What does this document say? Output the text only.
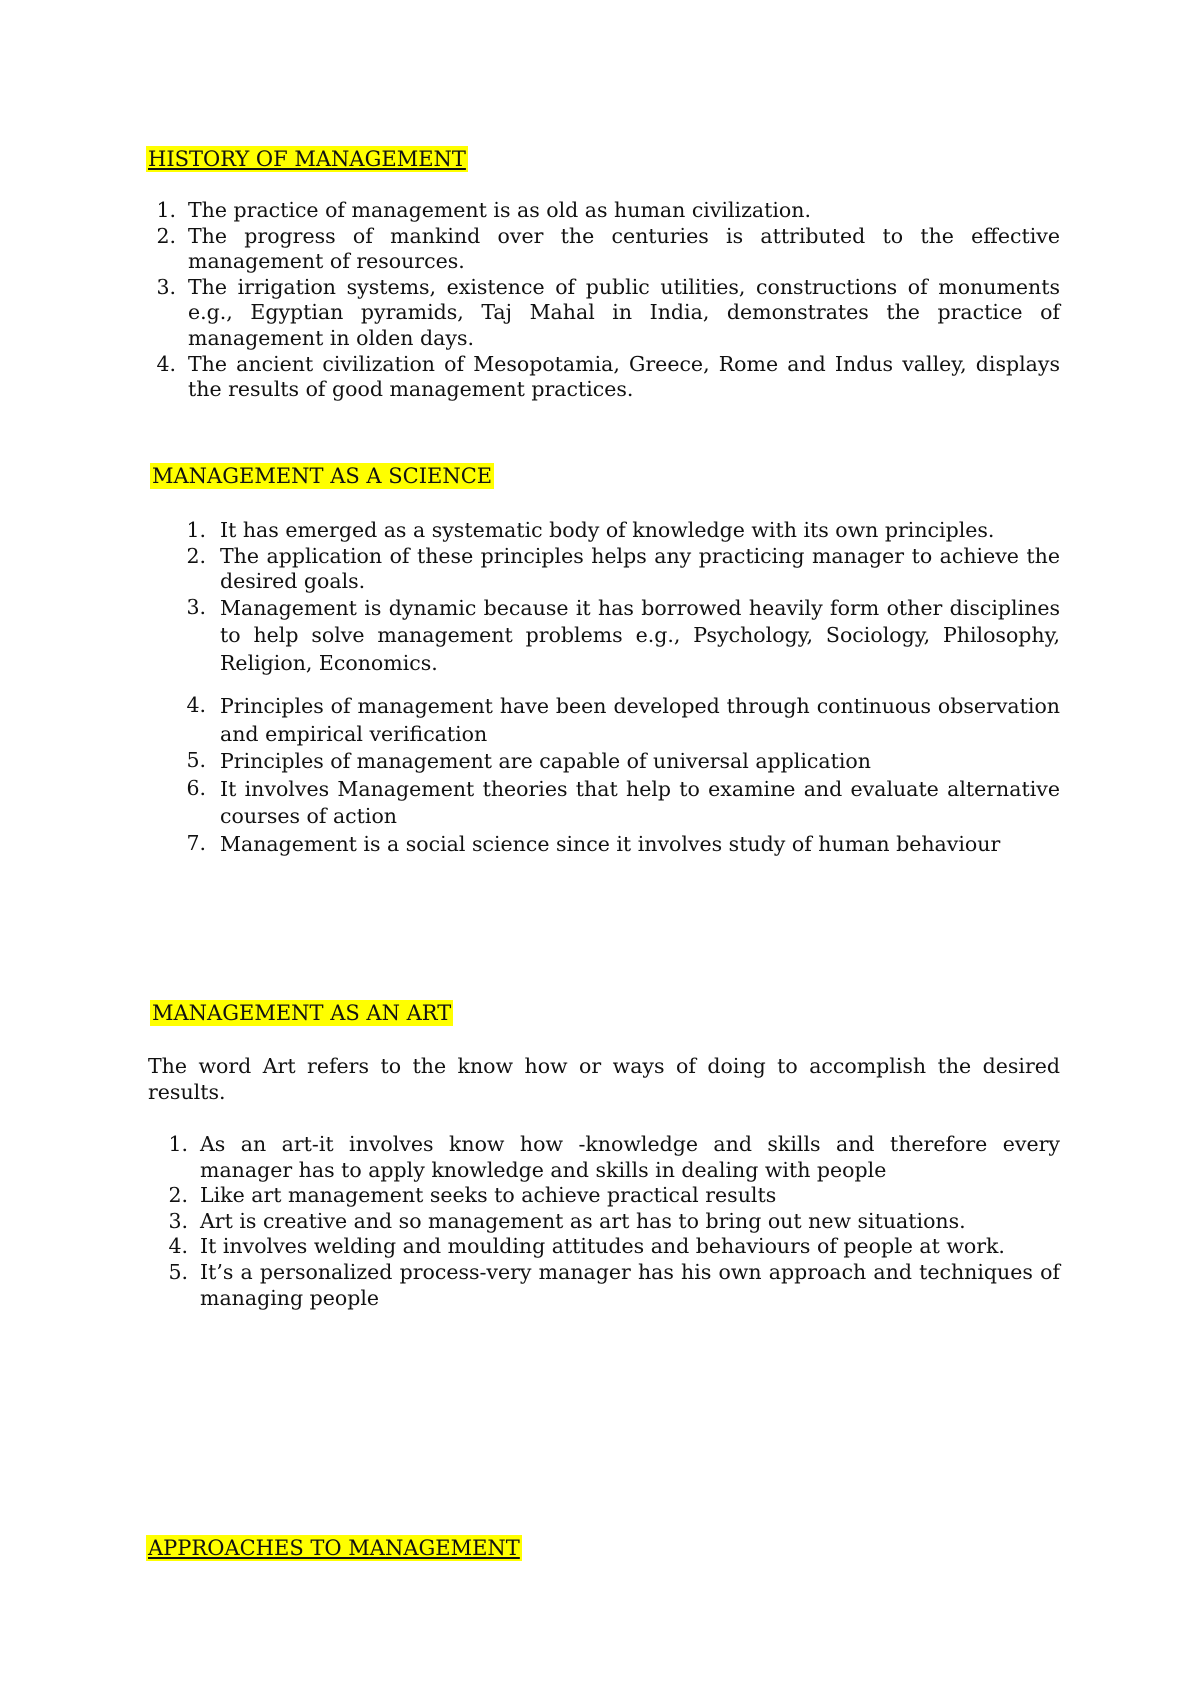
HISTORY OF MANAGEMENT
1. The practice of management is as old as human civilization.
2. The progress of mankind over the centuries is attributed to the effective management of resources.
3. The irrigation systems, existence of public utilities, constructions of monuments e.g., Egyptian pyramids, Taj Mahal in India, demonstrates the practice of management in olden days.
4. The ancient civilization of Mesopotamia, Greece, Rome and Indus valley, displays the results of good management practices.
MANAGEMENT AS A SCIENCE
1. It has emerged as a systematic body of knowledge with its own principles.
2. The application of these principles helps any practicing manager to achieve the desired goals.
3. Management is dynamic because it has borrowed heavily form other disciplines to help solve management problems e.g., Psychology, Sociology, Philosophy, Religion, Economics.
4. Principles of management have been developed through continuous observation and empirical verification
5. Principles of management are capable of universal application
6. It involves Management theories that help to examine and evaluate alternative courses of action
7. Management is a social science since it involves study of human behaviour
MANAGEMENT AS AN ART

The word Art refers to the know how or ways of doing to accomplish the desired results.

1. As an art-it involves know how -knowledge and skills and therefore every manager has to apply knowledge and skills in dealing with people
2. Like art management seeks to achieve practical results
3. Art is creative and so management as art has to bring out new situations.
4. It involves welding and moulding attitudes and behaviours of people at work.
5. It’s a personalized process-very manager has his own approach and techniques of managing people
APPROACHES TO MANAGEMENT
